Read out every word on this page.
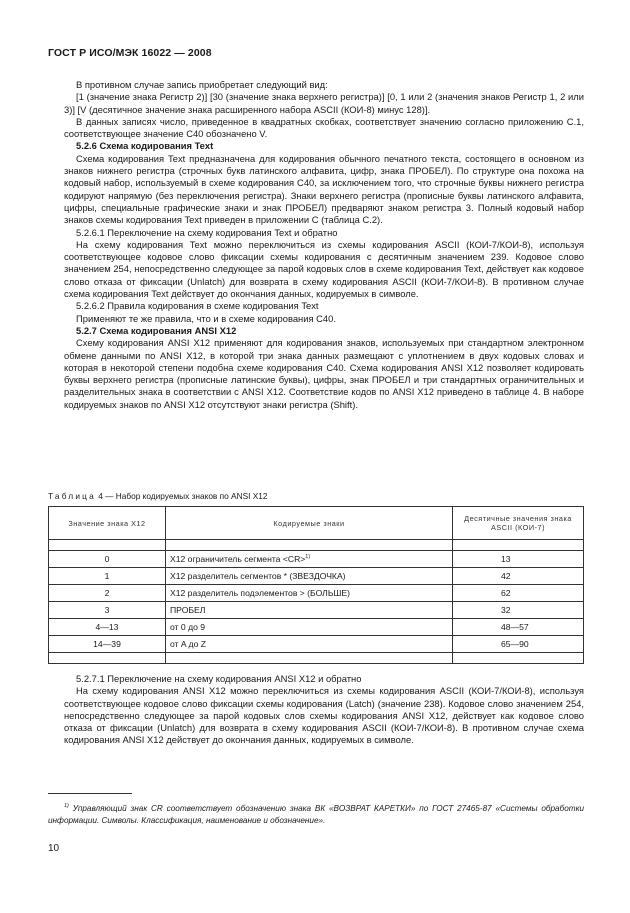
ГОСТ Р ИСО/МЭК 16022 — 2008

В противном случае запись приобретает следующий вид:

[1 (значение знака Регистр 2)] [30 (значение знака верхнего регистра)] [0, 1 или 2 (значения знаков Регистр 1, 2 или 3)] [V (десятичное значение знака расширенного набора ASCII (КОИ-8) минус 128)].

В данных записях число, приведенное в квадратных скобках, соответствует значению согласно приложению С.1, соответствующее значение С40 обозначено V.

5.2.6 Схема кодирования Text

Схема кодирования Text предназначена для кодирования обычного печатного текста, состоящего в основном из знаков нижнего регистра (строчных букв латинского алфавита, цифр, знака ПРОБЕЛ). По структуре она похожа на кодовый набор, используемый в схеме кодирования С40, за исключением того, что строчные буквы нижнего регистра кодируют напрямую (без переключения регистра). Знаки верхнего регистра (прописные буквы латинского алфавита, цифры, специальные графические знаки и знак ПРОБЕЛ) предваряют знаком регистра 3. Полный кодовый набор знаков схемы кодирования Text приведен в приложении С (таблица С.2).

5.2.6.1 Переключение на схему кодирования Text и обратно

На схему кодирования Text можно переключиться из схемы кодирования ASCII (КОИ-7/КОИ-8), используя соответствующее кодовое слово фиксации схемы кодирования с десятичным значением 239. Кодовое слово значением 254, непосредственно следующее за парой кодовых слов в схеме кодирования Text, действует как кодовое слово отказа от фиксации (Unlatch) для возврата в схему кодирования ASCII (КОИ-7/КОИ-8). В противном случае схема кодирования Text действует до окончания данных, кодируемых в символе.

5.2.6.2 Правила кодирования в схеме кодирования Text

Применяют те же правила, что и в схеме кодирования С40.

5.2.7 Схема кодирования ANSI X12

Схему кодирования ANSI X12 применяют для кодирования знаков, используемых при стандартном электронном обмене данными по ANSI X12, в которой три знака данных размещают с уплотнением в двух кодовых словах и которая в некоторой степени подобна схеме кодирования С40. Схема кодирования ANSI X12 позволяет кодировать буквы верхнего регистра (прописные латинские буквы), цифры, знак ПРОБЕЛ и три стандартных ограничительных и разделительных знака в соответствии с ANSI X12. Соответствие кодов по ANSI X12 приведено в таблице 4. В наборе кодируемых знаков по ANSI X12 отсутствуют знаки регистра (Shift).

Таблица 4 — Набор кодируемых знаков по ANSI X12
Значение знака X12	Кодируемые знаки	Десятичные значения знака ASCII (КОИ-7)

0	X12 ограничитель сегмента <CR>$^{1)}$	13
1	X12 разделитель сегментов * (ЗВЕЗДОЧКА)	42
2	X12 разделитель подэлементов > (БОЛЬШЕ)	62
3	ПРОБЕЛ	32
4—13	от 0 до 9	48—57
14—39	от A до Z	65—90

5.2.7.1 Переключение на схему кодирования ANSI X12 и обратно

На схему кодирования ANSI X12 можно переключиться из схемы кодирования ASCII (КОИ-7/КОИ-8), используя соответствующее кодовое слово фиксации схемы кодирования (Latch) (значение 238). Кодовое слово значением 254, непосредственно следующее за парой кодовых слов схемы кодирования ANSI X12, действует как кодовое слово отказа от фиксации (Unlatch) для возврата в схему кодирования ASCII (КОИ-7/КОИ-8). В противном случае схема кодирования ANSI X12 действует до окончания данных, кодируемых в символе.

$^{1)}$ Управляющий знак CR соответствует обозначению знака ВК «ВОЗВРАТ КАРЕТКИ» по ГОСТ 27465-87 «Системы обработки информации. Символы. Классификация, наименование и обозначение».
10
